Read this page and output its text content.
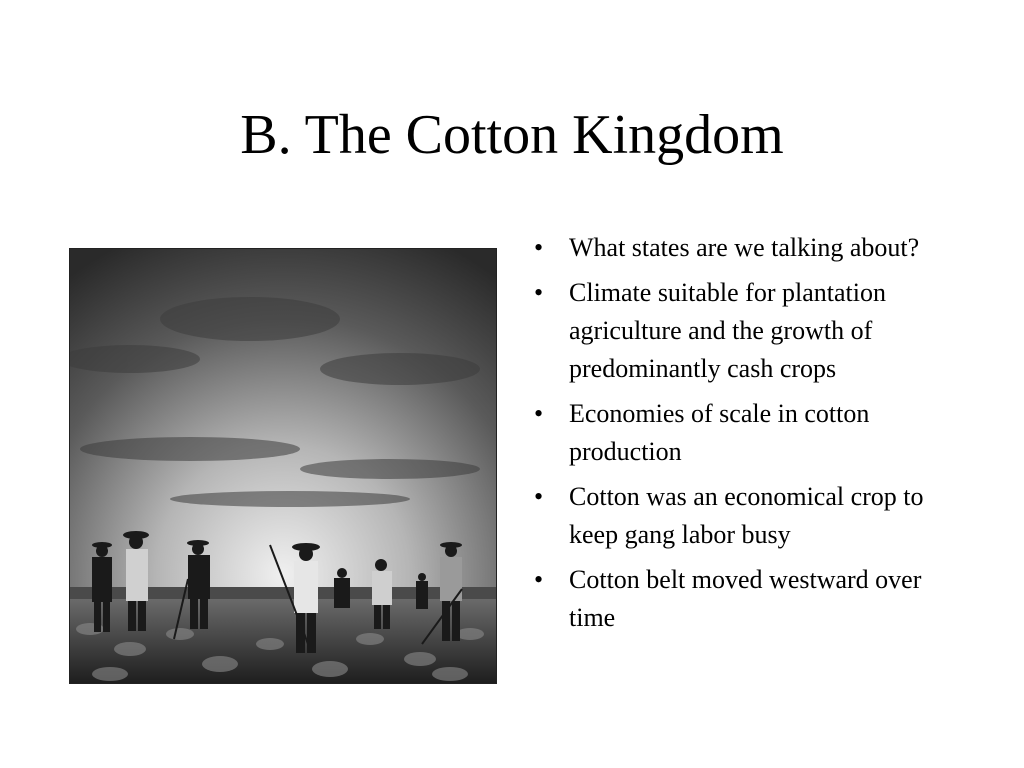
B. The Cotton Kingdom
• What states are we talking about?
• Climate suitable for plantation agriculture and the growth of predominantly cash crops
• Economies of scale in cotton production
• Cotton was an economical crop to keep gang labor busy
• Cotton belt moved westward over time
